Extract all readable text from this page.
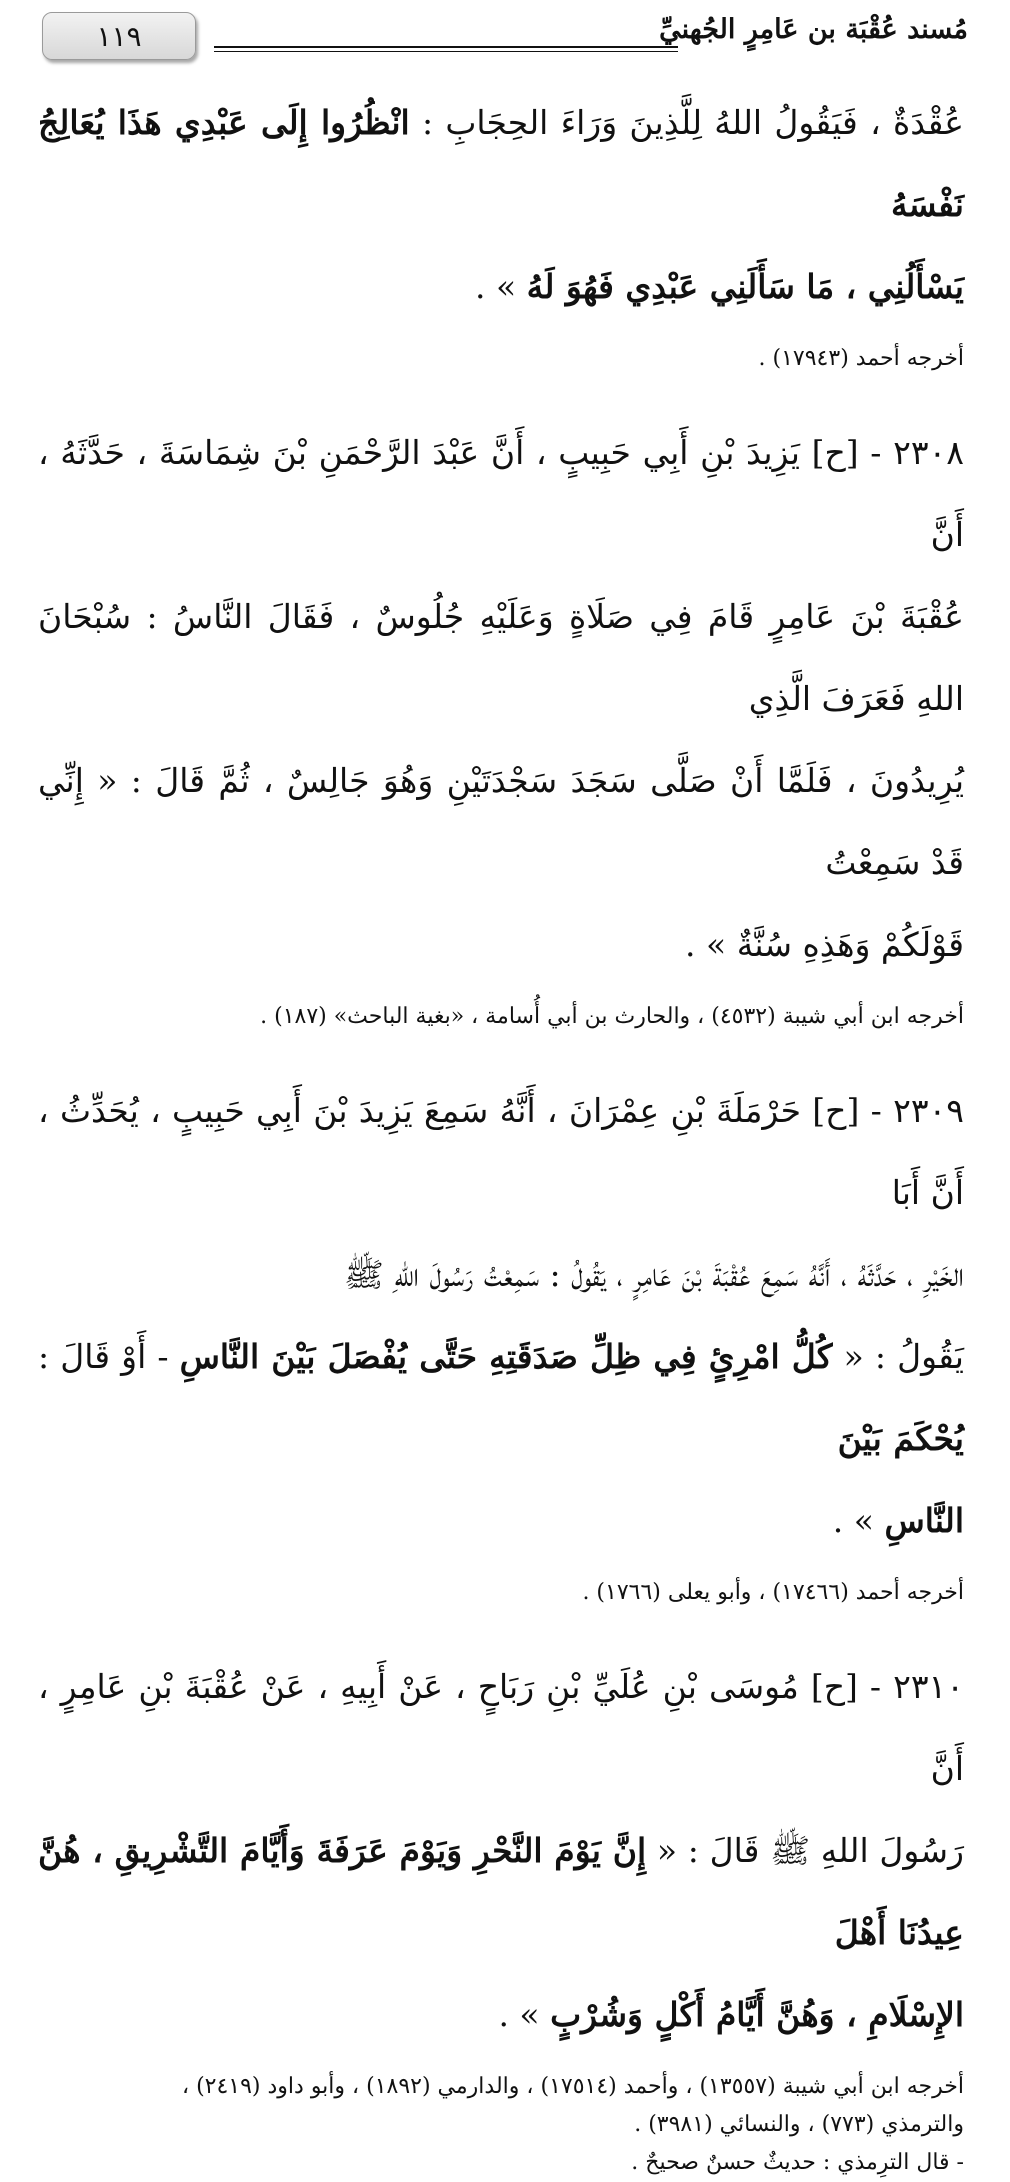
١١٩	مُسند عُقْبَة بن عَامِرٍ الجُهنيِّ

عُقْدَةٌ ، فَيَقُولُ اللهُ لِلَّذِينَ وَرَاءَ الحِجَابِ : انْظُرُوا إِلَى عَبْدِي هَذَا يُعَالِجُ نَفْسَهُ

يَسْأَلُنِي ، مَا سَأَلَنِي عَبْدِي فَهُوَ لَهُ » .

أخرجه أحمد (١٧٩٤٣) .

٢٣٠٨ - [ح] يَزِيدَ بْنِ أَبِي حَبِيبٍ ، أَنَّ عَبْدَ الرَّحْمَنِ بْنَ شِمَاسَةَ ، حَدَّثَهُ ، أَنَّ

عُقْبَةَ بْنَ عَامِرٍ قَامَ فِي صَلَاةٍ وَعَلَيْهِ جُلُوسٌ ، فَقَالَ النَّاسُ : سُبْحَانَ اللهِ فَعَرَفَ الَّذِي

يُرِيدُونَ ، فَلَمَّا أَنْ صَلَّى سَجَدَ سَجْدَتَيْنِ وَهُوَ جَالِسٌ ، ثُمَّ قَالَ : « إِنِّي قَدْ سَمِعْتُ

قَوْلَكُمْ وَهَذِهِ سُنَّةٌ » .

أخرجه ابن أبي شيبة (٤٥٣٢) ، والحارث بن أبي أُسامة ، «بغية الباحث» (١٨٧) .

٢٣٠٩ - [ح] حَرْمَلَةَ بْنِ عِمْرَانَ ، أَنَّهُ سَمِعَ يَزِيدَ بْنَ أَبِي حَبِيبٍ ، يُحَدِّثُ ، أَنَّ أَبَا

الخَيْرِ ، حَدَّثَهُ ، أَنَّهُ سَمِعَ عُقْبَةَ بْنَ عَامِرٍ ، يَقُولُ : سَمِعْتُ رَسُولَ اللهِ ﷺ

يَقُولُ : « كُلُّ امْرِئٍ فِي ظِلِّ صَدَقَتِهِ حَتَّى يُفْصَلَ بَيْنَ النَّاسِ - أَوْ قَالَ : يُحْكَمَ بَيْنَ

النَّاسِ » .

أخرجه أحمد (١٧٤٦٦) ، وأبو يعلى (١٧٦٦) .

٢٣١٠ - [ح] مُوسَى بْنِ عُلَيِّ بْنِ رَبَاحٍ ، عَنْ أَبِيهِ ، عَنْ عُقْبَةَ بْنِ عَامِرٍ ، أَنَّ

رَسُولَ اللهِ ﷺ قَالَ : « إِنَّ يَوْمَ النَّحْرِ وَيَوْمَ عَرَفَةَ وَأَيَّامَ التَّشْرِيقِ ، هُنَّ عِيدُنَا أَهْلَ

الإِسْلَامِ ، وَهُنَّ أَيَّامُ أَكْلٍ وَشُرْبٍ » .

أخرجه ابن أبي شيبة (١٣٥٥٧) ، وأحمد (١٧٥١٤) ، والدارمي (١٨٩٢) ، وأبو داود (٢٤١٩) ،

والترمذي (٧٧٣) ، والنسائي (٣٩٨١) .

- قال الترِمذي : حديثٌ حسنٌ صحيحٌ .
